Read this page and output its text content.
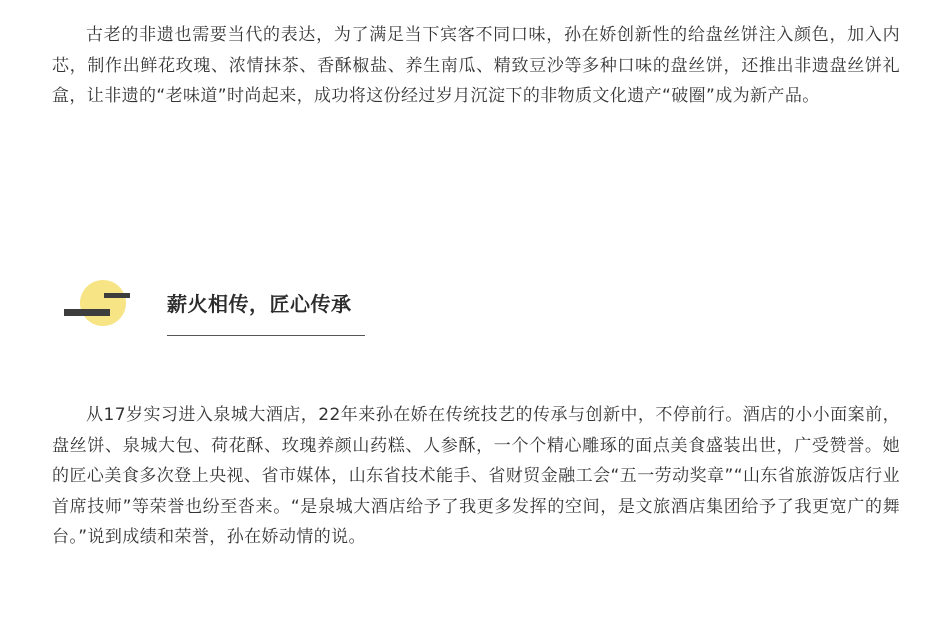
古老的非遗也需要当代的表达，为了满足当下宾客不同口味，孙在娇创新性的给盘丝饼注入颜色，加入内芯，制作出鲜花玫瑰、浓情抹茶、香酥椒盐、养生南瓜、精致豆沙等多种口味的盘丝饼，还推出非遗盘丝饼礼盒，让非遗的“老味道”时尚起来，成功将这份经过岁月沉淀下的非物质文化遗产“破圈”成为新产品。

薪火相传，匠心传承

从17岁实习进入泉城大酒店，22年来孙在娇在传统技艺的传承与创新中，不停前行。酒店的小小面案前，盘丝饼、泉城大包、荷花酥、玫瑰养颜山药糕、人参酥，一个个精心雕琢的面点美食盛装出世，广受赞誉。她的匠心美食多次登上央视、省市媒体，山东省技术能手、省财贸金融工会“五一劳动奖章”“山东省旅游饭店行业首席技师”等荣誉也纷至沓来。“是泉城大酒店给予了我更多发挥的空间，是文旅酒店集团给予了我更宽广的舞台。”说到成绩和荣誉，孙在娇动情的说。
